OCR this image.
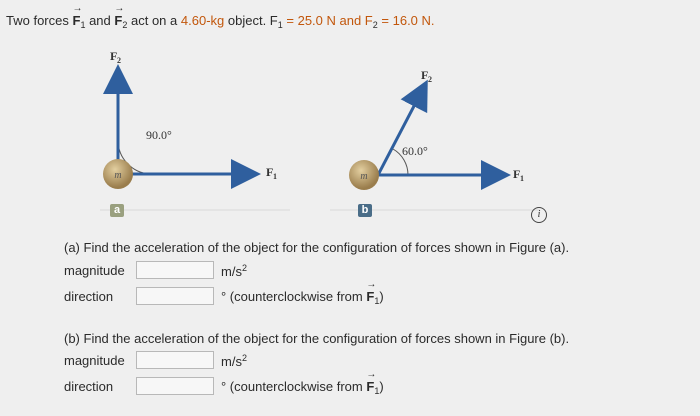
Two forces
→
$F_1$ and
→
$F_2$ act on a 4.60-kg object. $F_1 = 25.0$ N and $F_2 = 16.0$ N.
m
90.0°
F 2
F 1
a
m
60.0°
F 2
F 1
b	i
(a) Find the acceleration of the object for the configuration of forces shown in Figure (a).
magnitude	$m/s^2$
direction	° (counterclockwise from
→
$F_1$)
(b) Find the acceleration of the object for the configuration of forces shown in Figure (b).
magnitude	$m/s^2$
direction	° (counterclockwise from
→
$F_1$)
